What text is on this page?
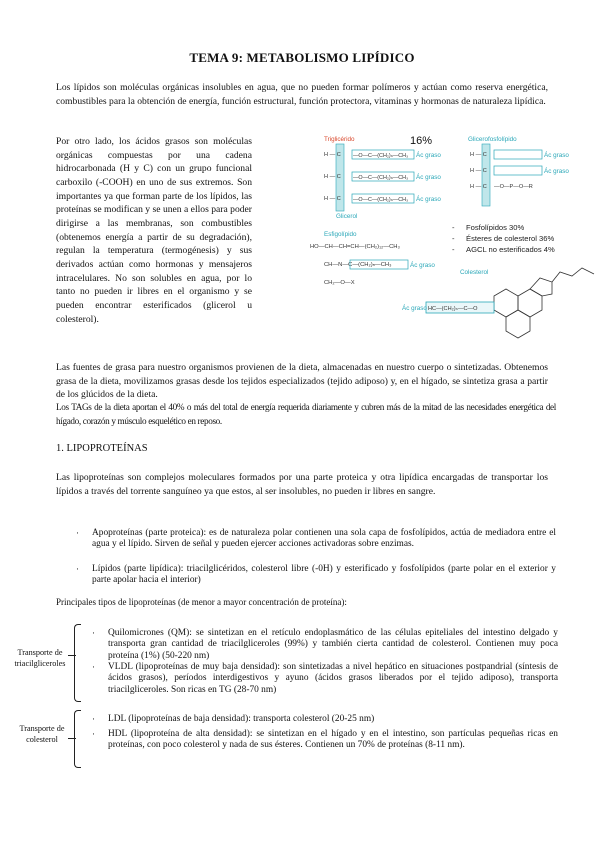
TEMA 9: METABOLISMO LIPÍDICO

Los lípidos son moléculas orgánicas insolubles en agua, que no pueden formar polímeros y actúan como reserva energética, combustibles para la obtención de energía, función estructural, función protectora, vitaminas y hormonas de naturaleza lipídica.

Por otro lado, los ácidos grasos son moléculas orgánicas compuestas por una cadena hidrocarbonada (H y C) con un grupo funcional carboxilo (-COOH) en uno de sus extremos. Son importantes ya que forman parte de los lípidos, las proteínas se modifican y se unen a ellos para poder dirigirse a las membranas, son combustibles (obtenemos energía a partir de su degradación), regulan la temperatura (termogénesis) y sus derivados actúan como hormonas y mensajeros intracelulares. No son solubles en agua, por lo tanto no pueden ir libres en el organismo y se pueden encontrar esterificados (glicerol u colesterol).

Triglicérido	16%
Glicerol
H — C
H — C
H — C
—O—C—(CH₂)ₙ—CH₃
—O—C—(CH₂)ₙ—CH₃
—O—C—(CH₂)ₙ—CH₃
Ác graso
Ác graso
Ác graso
Glicerofosfolípido
H — C
H — C
H — C —O—P—O—R
Ác graso
Ác graso
- Fosfolípidos 30%
- Ésteres de colesterol 36%
- AGCL no esterificados 4%
Esfigolípido
HO—CH—CH=CH—(CH₂)₁₂—CH₃
CH—N—C—(CH₂)ₙ—CH₃
CH₂—O—X
Ác graso
Colesterol
HC—(CH₂)ₙ—C—O
Ác graso

Las fuentes de grasa para nuestro organismos provienen de la dieta, almacenadas en nuestro cuerpo o sintetizadas. Obtenemos grasa de la dieta, movilizamos grasas desde los tejidos especializados (tejido adiposo) y, en el hígado, se sintetiza grasa a partir de los glúcidos de la dieta.

Los TAGs de la dieta aportan el 40% o más del total de energía requerida diariamente y cubren más de la mitad de las necesidades energética del hígado, corazón y músculo esquelético en reposo.

1. LIPOPROTEÍNAS

Las lipoproteínas son complejos moleculares formados por una parte proteica y otra lipídica encargadas de transportar los lípidos a través del torrente sanguíneo ya que estos, al ser insolubles, no pueden ir libres en sangre.

· Apoproteínas (parte proteica): es de naturaleza polar contienen una sola capa de fosfolípidos, actúa de mediadora entre el agua y el lípido. Sirven de señal y pueden ejercer acciones activadoras sobre enzimas.

· Lípidos (parte lipídica): triacilglicéridos, colesterol libre (-0H) y esterificado y fosfolípidos (parte polar en el exterior y parte apolar hacia el interior)

Principales tipos de lipoproteínas (de menor a mayor concentración de proteína):
Transporte de triacilgliceroles
· Quilomicrones (QM): se sintetizan en el retículo endoplasmático de las células epiteliales del intestino delgado y transporta gran cantidad de triacilgliceroles (99%) y también cierta cantidad de colesterol. Contienen muy poca proteína (1%) (50-220 nm)

· VLDL (lipoproteínas de muy baja densidad): son sintetizadas a nivel hepático en situaciones postpandrial (síntesis de ácidos grasos), períodos interdigestivos y ayuno (ácidos grasos liberados por el tejido adiposo), transporta triacilgliceroles. Son ricas en TG (28-70 nm)

Transporte de colesterol
· LDL (lipoproteínas de baja densidad): transporta colesterol (20-25 nm)

· HDL (lipoproteína de alta densidad): se sintetizan en el hígado y en el intestino, son partículas pequeñas ricas en proteínas, con poco colesterol y nada de sus ésteres. Contienen un 70% de proteínas (8-11 nm).
